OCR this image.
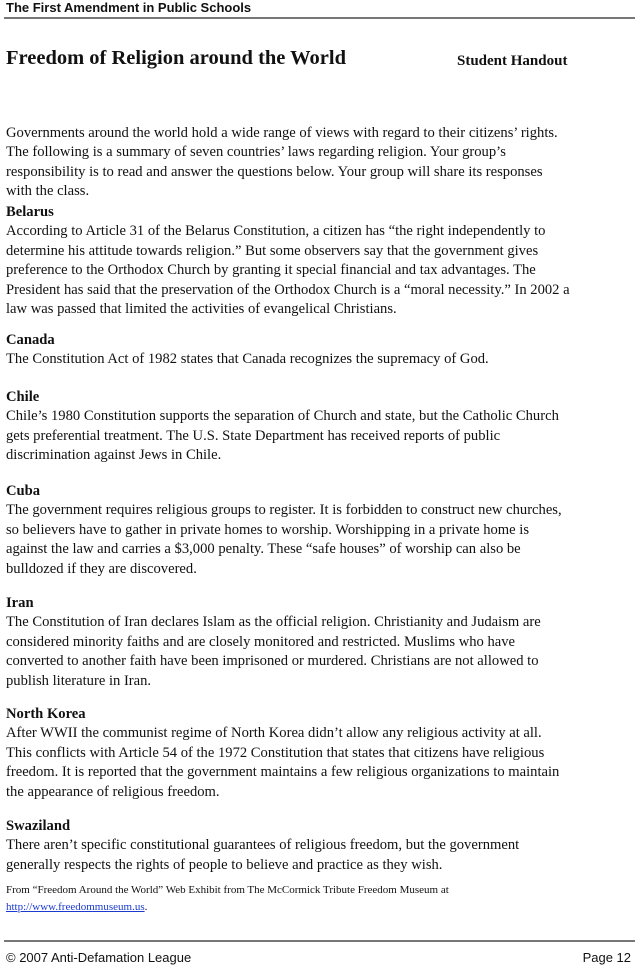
The First Amendment in Public Schools
Freedom of Religion around the World	Student Handout
Governments around the world hold a wide range of views with regard to their citizens’ rights.
The following is a summary of seven countries’ laws regarding religion. Your group’s
responsibility is to read and answer the questions below. Your group will share its responses
with the class.
Belarus
According to Article 31 of the Belarus Constitution, a citizen has “the right independently to
determine his attitude towards religion.” But some observers say that the government gives
preference to the Orthodox Church by granting it special financial and tax advantages. The
President has said that the preservation of the Orthodox Church is a “moral necessity.” In 2002 a
law was passed that limited the activities of evangelical Christians.
Canada
The Constitution Act of 1982 states that Canada recognizes the supremacy of God.
Chile
Chile’s 1980 Constitution supports the separation of Church and state, but the Catholic Church
gets preferential treatment. The U.S. State Department has received reports of public
discrimination against Jews in Chile.
Cuba
The government requires religious groups to register. It is forbidden to construct new churches,
so believers have to gather in private homes to worship. Worshipping in a private home is
against the law and carries a $3,000 penalty. These “safe houses” of worship can also be
bulldozed if they are discovered.
Iran
The Constitution of Iran declares Islam as the official religion. Christianity and Judaism are
considered minority faiths and are closely monitored and restricted. Muslims who have
converted to another faith have been imprisoned or murdered. Christians are not allowed to
publish literature in Iran.
North Korea
After WWII the communist regime of North Korea didn’t allow any religious activity at all.
This conflicts with Article 54 of the 1972 Constitution that states that citizens have religious
freedom. It is reported that the government maintains a few religious organizations to maintain
the appearance of religious freedom.
Swaziland
There aren’t specific constitutional guarantees of religious freedom, but the government
generally respects the rights of people to believe and practice as they wish.
From “Freedom Around the World” Web Exhibit from The McCormick Tribute Freedom Museum at
http://www.freedommuseum.us.
© 2007 Anti-Defamation League	Page 12
